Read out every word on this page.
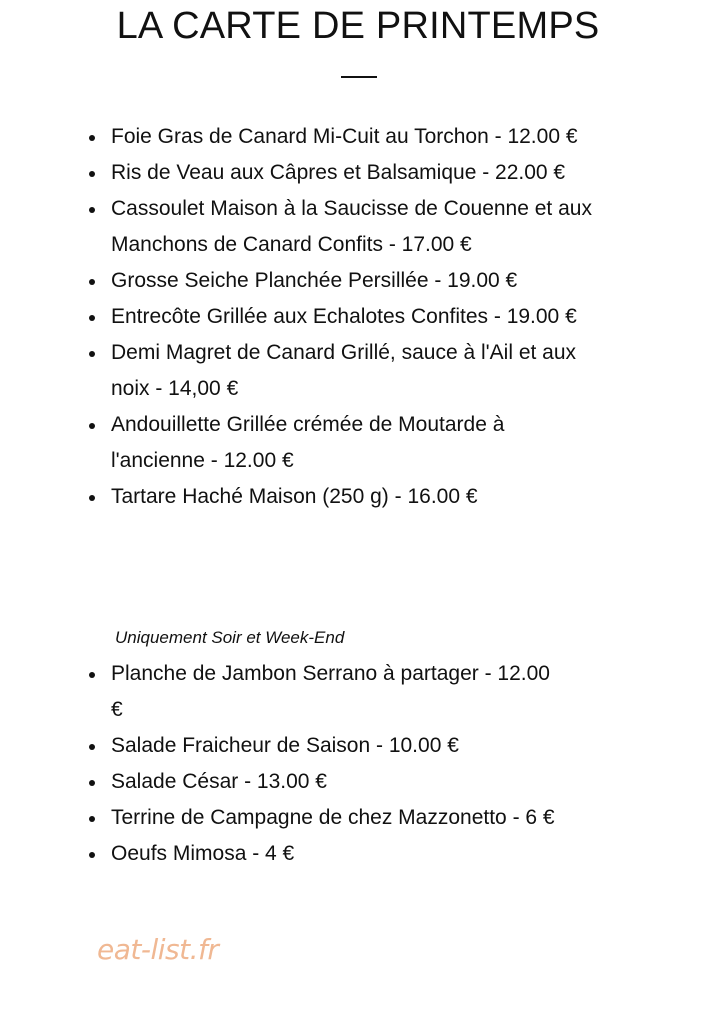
LA CARTE DE PRINTEMPS
Foie Gras de Canard Mi-Cuit au Torchon - 12.00 €
Ris de Veau aux Câpres et Balsamique - 22.00 €
Cassoulet Maison à la Saucisse de Couenne et aux Manchons de Canard Confits - 17.00 €
Grosse Seiche Planchée Persillée - 19.00 €
Entrecôte Grillée aux Echalotes Confites - 19.00 €
Demi Magret de Canard Grillé, sauce à l'Ail et aux noix - 14,00 €
Andouillette Grillée crémée de Moutarde à l'ancienne - 12.00 €
Tartare Haché Maison (250 g) - 16.00 €

Uniquement Soir et Week-End

Planche de Jambon Serrano à partager - 12.00 €
Salade Fraicheur de Saison - 10.00 €
Salade César - 13.00 €
Terrine de Campagne de chez Mazzonetto - 6 €
Oeufs Mimosa - 4 €
eat-list.fr
